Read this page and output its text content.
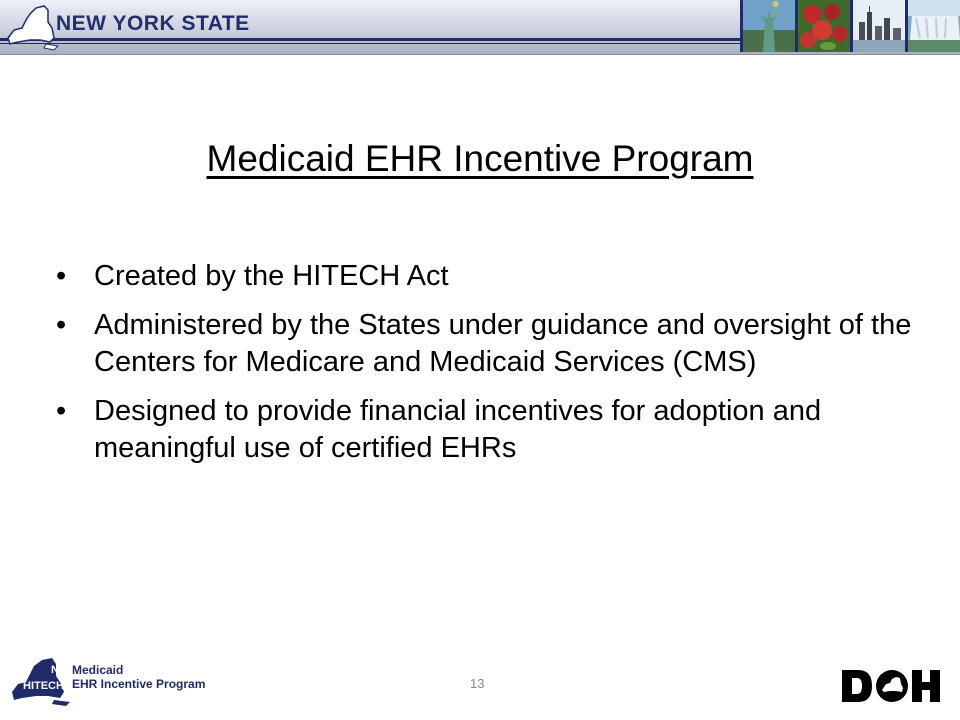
NEW YORK STATE
Medicaid EHR Incentive Program
• Created by the HITECH Act
• Administered by the States under guidance and oversight of the Centers for Medicare and Medicaid Services (CMS)
• Designed to provide financial incentives for adoption and meaningful use of certified EHRs
NY
HITECH
Medicaid
EHR Incentive Program	13
